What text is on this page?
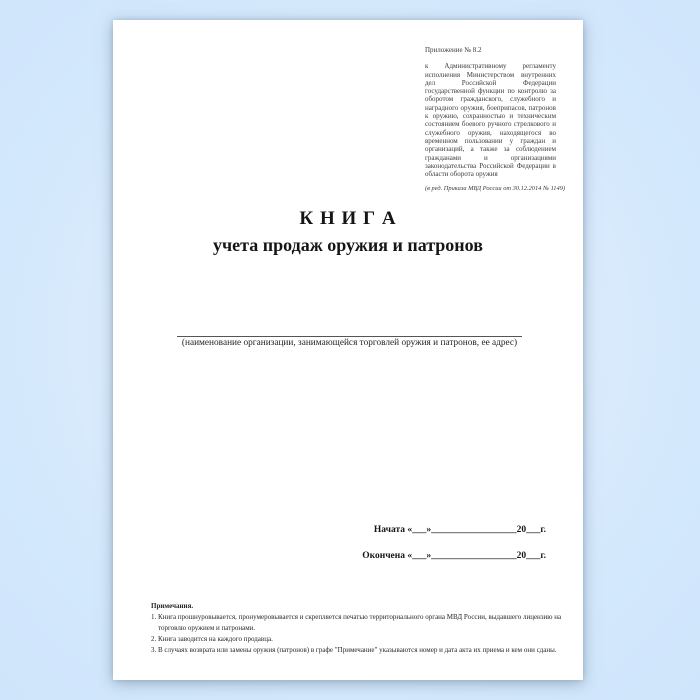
Приложение № 8.2
к Административному регламенту исполнения Министерством внутренних дел Российской Федерации государственной функции по контролю за оборотом гражданского, служебного и наградного оружия, боеприпасов, патронов к оружию, сохранностью и техническим состоянием боевого ручного стрелкового и служебного оружия, находящегося во временном пользовании у граждан и организаций, а также за соблюдением гражданами и организациями законодательства Российской Федерации в области оборота оружия
(в ред. Приказа МВД России от 30.12.2014 № 1149)
К Н И Г А
учета продаж оружия и патронов
(наименование организации, занимающейся торговлей оружия и патронов, ее адрес)
Начата «___»__________________20___г.
Окончена «___»__________________20___г.
Примечания.
1. Книга прошнуровывается, пронумеровывается и скрепляется печатью территориального органа МВД России, выдавшего лицензию на торговлю оружием и патронами.
2. Книга заводится на каждого продавца.
3. В случаях возврата или замены оружия (патронов) в графе "Примечание" указываются номер и дата акта их приема и кем они сданы.
